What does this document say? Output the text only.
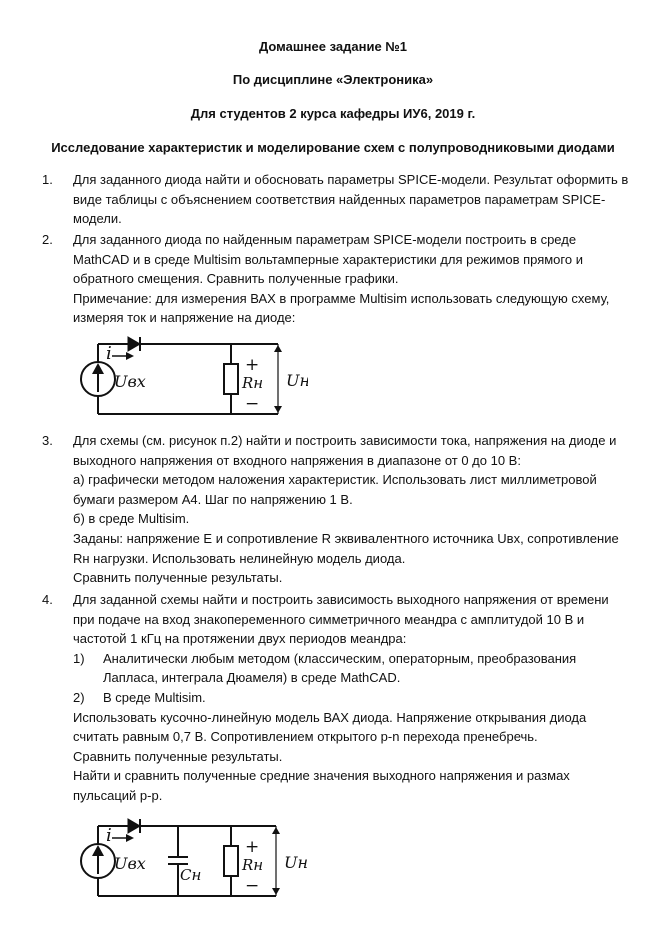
Домашнее задание №1
По дисциплине «Электроника»
Для студентов 2 курса кафедры ИУ6, 2019 г.
Исследование характеристик и моделирование схем с полупроводниковыми диодами
1.	Для заданного диода найти и обосновать параметры SPICE-модели. Результат оформить в
виде таблицы с объяснением соответствия найденных параметров параметрам SPICE-
модели.
2.	Для заданного диода по найденным параметрам SPICE-модели построить в среде
MathCAD и в среде Multisim вольтамперные характеристики для режимов прямого и
обратного смещения. Сравнить полученные графики.
Примечание: для измерения ВАХ в программе Multisim использовать следующую схему,
измеряя ток и напряжение на диоде:
i
Uвх	Rн
+
−
Uн
3.	Для схемы (см. рисунок п.2) найти и построить зависимости тока, напряжения на диоде и
выходного напряжения от входного напряжения в диапазоне от 0 до 10 В:
а) графически методом наложения характеристик. Использовать лист миллиметровой
бумаги размером А4. Шаг по напряжению 1 В.
б) в среде Multisim.
Заданы: напряжение E и сопротивление R эквивалентного источника Uвх, сопротивление
Rн нагрузки. Использовать нелинейную модель диода.
Сравнить полученные результаты.
4.	Для заданной схемы найти и построить зависимость выходного напряжения от времени
при подаче на вход знакопеременного симметричного меандра с амплитудой 10 В и
частотой 1 кГц на протяжении двух периодов меандра:
1) Аналитически любым методом (классическим, операторным, преобразования
Лапласа, интеграла Дюамеля) в среде MathCAD.
2) В среде Multisim.
Использовать кусочно-линейную модель ВАХ диода. Напряжение открывания диода
считать равным 0,7 В. Сопротивлением открытого p-n перехода пренебречь.
Сравнить полученные результаты.
Найти и сравнить полученные средние значения выходного напряжения и размах
пульсаций р-р.
i
Uвх
Cн
Rн
+
−
Uн
